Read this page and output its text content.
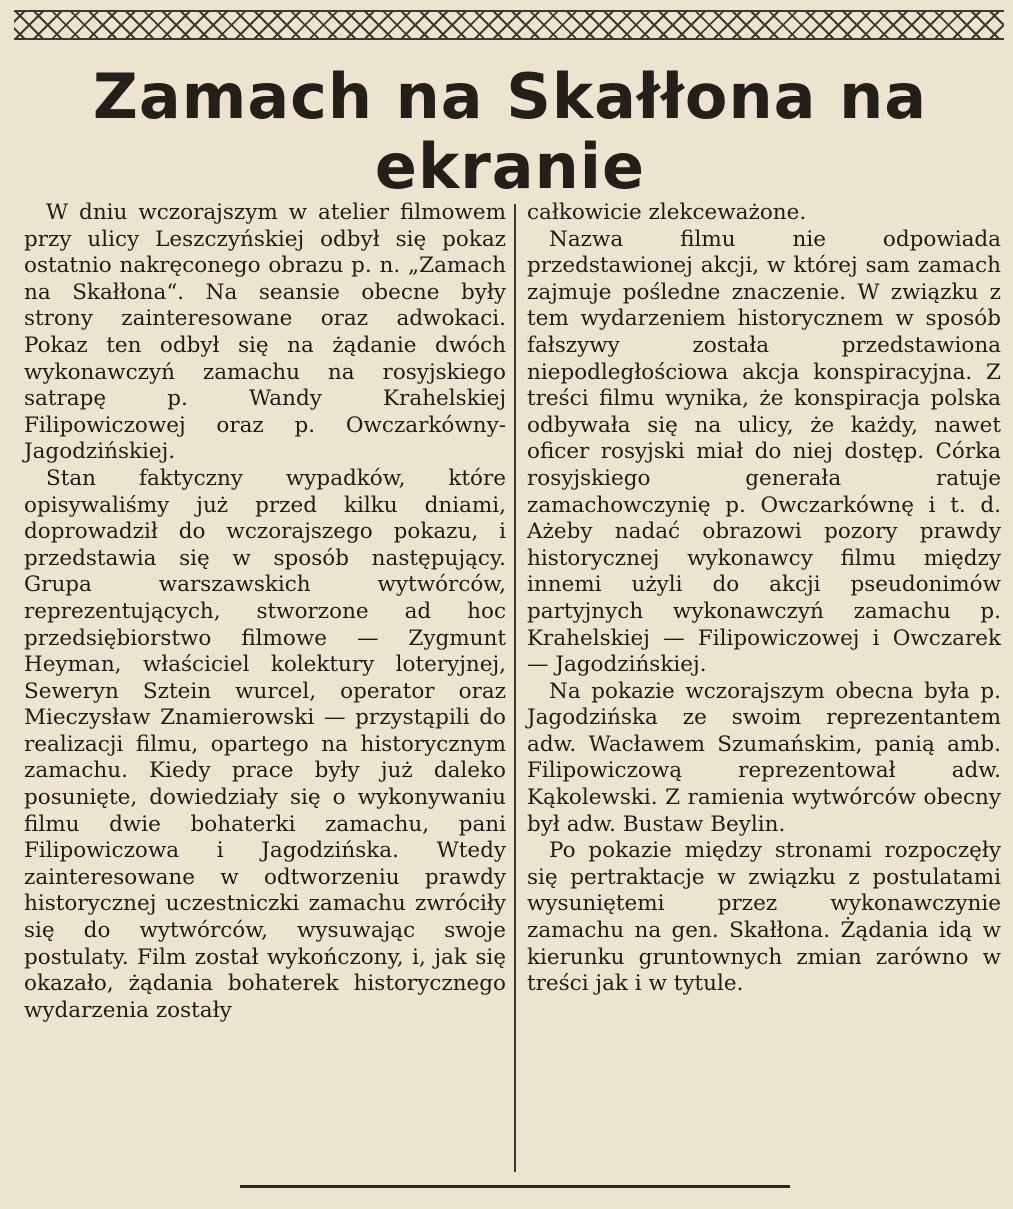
Zamach na Skałłona na ekranie

W dniu wczorajszym w atelier filmowem przy ulicy Leszczyńskiej odbył się pokaz ostatnio nakręconego obrazu p. n. „Zamach na Skałłona“. Na seansie obecne były strony zainteresowane oraz adwokaci. Pokaz ten odbył się na żądanie dwóch wykonawczyń zamachu na rosyjskiego satrapę p. Wandy Krahelskiej Filipowiczowej oraz p. Owczarkówny-Jagodzińskiej.

Stan faktyczny wypadków, które opisywaliśmy już przed kilku dniami, doprowadził do wczorajszego pokazu, i przedstawia się w sposób następujący. Grupa warszawskich wytwórców, reprezentujących, stworzone ad hoc przedsiębiorstwo filmowe — Zygmunt Heyman, właściciel kolektury loteryjnej, Seweryn Sztein wurcel, operator oraz Mieczysław Znamierowski — przystąpili do realizacji filmu, opartego na historycznym zamachu. Kiedy prace były już daleko posunięte, dowiedziały się o wykonywaniu filmu dwie bohaterki zamachu, pani Filipowiczowa i Jagodzińska. Wtedy zainteresowane w odtworzeniu prawdy historycznej uczestniczki zamachu zwróciły się do wytwórców, wysuwając swoje postulaty. Film został wykończony, i, jak się okazało, żądania bohaterek historycznego wydarzenia zostały

całkowicie zlekceważone.

Nazwa filmu nie odpowiada przedstawionej akcji, w której sam zamach zajmuje pośledne znaczenie. W związku z tem wydarzeniem historycznem w sposób fałszywy została przedstawiona niepodległościowa akcja konspiracyjna. Z treści filmu wynika, że konspiracja polska odbywała się na ulicy, że każdy, nawet oficer rosyjski miał do niej dostęp. Córka rosyjskiego generała ratuje zamachowczynię p. Owczarkównę i t. d. Ażeby nadać obrazowi pozory prawdy historycznej wykonawcy filmu między innemi użyli do akcji pseudonimów partyjnych wykonawczyń zamachu p. Krahelskiej — Filipowiczowej i Owczarek — Jagodzińskiej.

Na pokazie wczorajszym obecna była p. Jagodzińska ze swoim reprezentantem adw. Wacławem Szumańskim, panią amb. Filipowiczową reprezentował adw. Kąkolewski. Z ramienia wytwórców obecny był adw. Bustaw Beylin.

Po pokazie między stronami rozpoczęły się pertraktacje w związku z postulatami wysuniętemi przez wykonawczynie zamachu na gen. Skałłona. Żądania idą w kierunku gruntownych zmian zarówno w treści jak i w tytule.
